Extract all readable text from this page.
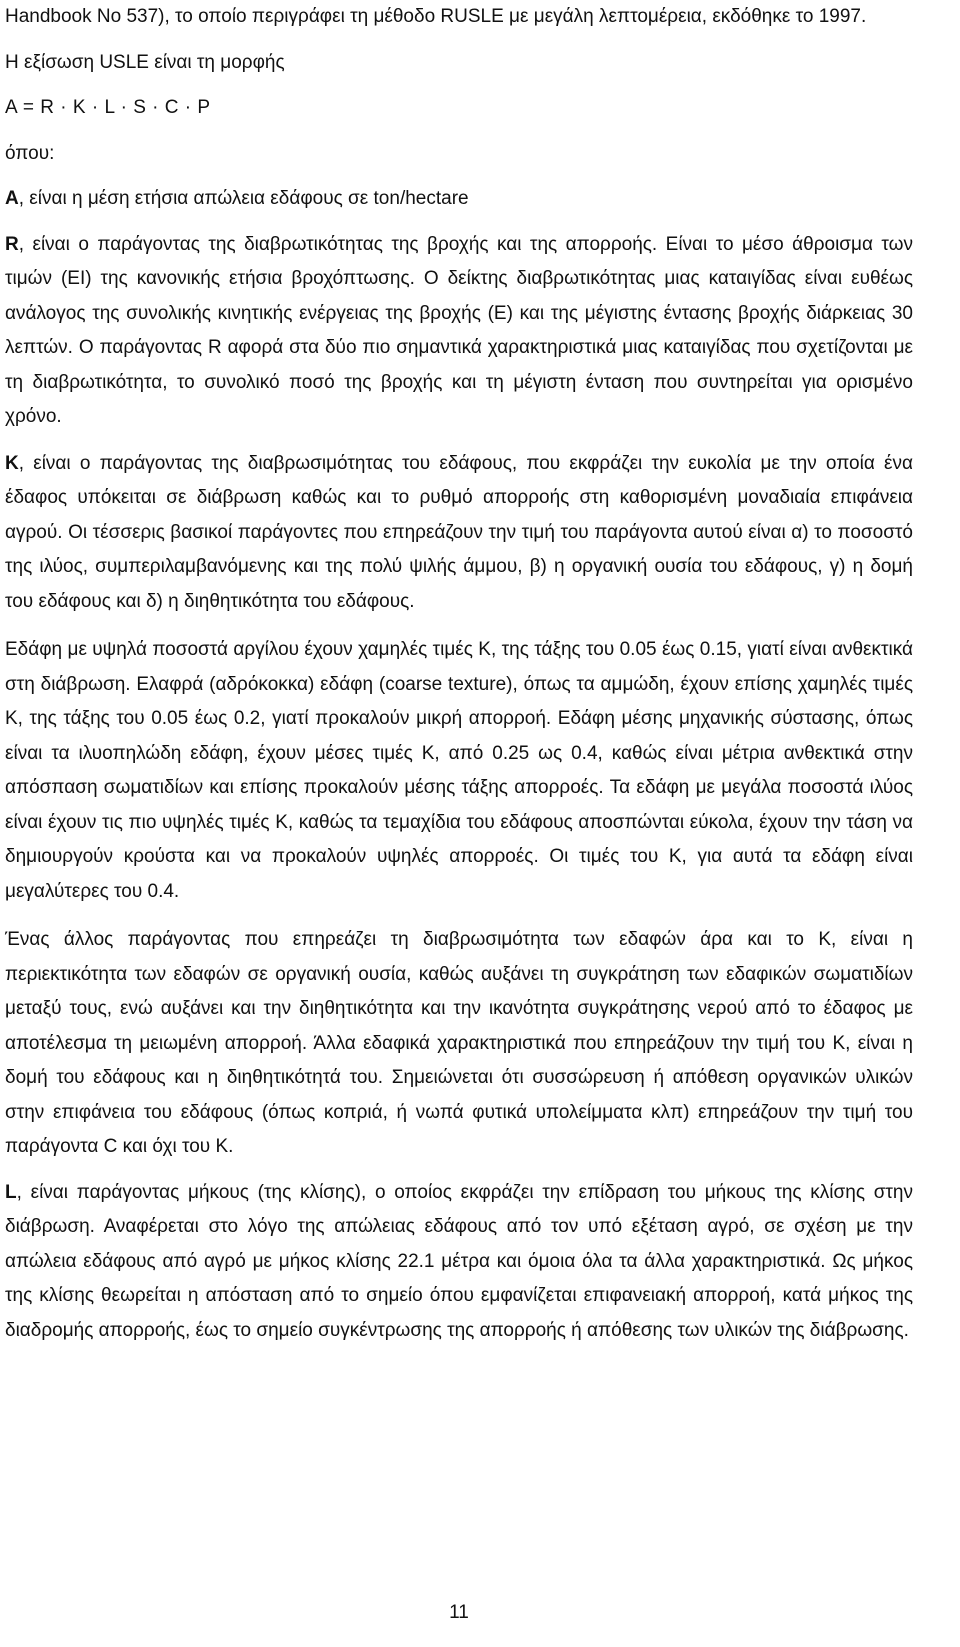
Handbook No 537), το οποίο περιγράφει τη μέθοδο RUSLE με μεγάλη λεπτομέρεια, εκδόθηκε το 1997.

Η εξίσωση USLE είναι τη μορφής

A = R · K · L · S · C · P

όπου:

A, είναι η μέση ετήσια απώλεια εδάφους σε ton/hectare

R, είναι ο παράγοντας της διαβρωτικότητας της βροχής και της απορροής. Είναι το μέσο άθροισμα των τιμών (EI) της κανονικής ετήσια βροχόπτωσης. Ο δείκτης διαβρωτικότητας μιας καταιγίδας είναι ευθέως ανάλογος της συνολικής κινητικής ενέργειας της βροχής (E) και της μέγιστης έντασης βροχής διάρκειας 30 λεπτών. Ο παράγοντας R αφορά στα δύο πιο σημαντικά χαρακτηριστικά μιας καταιγίδας που σχετίζονται με τη διαβρωτικότητα, το συνολικό ποσό της βροχής και τη μέγιστη ένταση που συντηρείται για ορισμένο χρόνο.

K, είναι ο παράγοντας της διαβρωσιμότητας του εδάφους, που εκφράζει την ευκολία με την οποία ένα έδαφος υπόκειται σε διάβρωση καθώς και το ρυθμό απορροής στη καθορισμένη μοναδιαία επιφάνεια αγρού. Οι τέσσερις βασικοί παράγοντες που επηρεάζουν την τιμή του παράγοντα αυτού είναι α) το ποσοστό της ιλύος, συμπεριλαμβανόμενης και της πολύ ψιλής άμμου, β) η οργανική ουσία του εδάφους, γ) η δομή του εδάφους και δ) η διηθητικότητα του εδάφους.

Εδάφη με υψηλά ποσοστά αργίλου έχουν χαμηλές τιμές K, της τάξης του 0.05 έως 0.15, γιατί είναι ανθεκτικά στη διάβρωση. Ελαφρά (αδρόκοκκα) εδάφη (coarse texture), όπως τα αμμώδη, έχουν επίσης χαμηλές τιμές K, της τάξης του 0.05 έως 0.2, γιατί προκαλούν μικρή απορροή. Εδάφη μέσης μηχανικής σύστασης, όπως είναι τα ιλυοπηλώδη εδάφη, έχουν μέσες τιμές K, από 0.25 ως 0.4, καθώς είναι μέτρια ανθεκτικά στην απόσπαση σωματιδίων και επίσης προκαλούν μέσης τάξης απορροές. Τα εδάφη με μεγάλα ποσοστά ιλύος είναι έχουν τις πιο υψηλές τιμές K, καθώς τα τεμαχίδια του εδάφους αποσπώνται εύκολα, έχουν την τάση να δημιουργούν κρούστα και να προκαλούν υψηλές απορροές. Οι τιμές του K, για αυτά τα εδάφη είναι μεγαλύτερες του 0.4.

Ένας άλλος παράγοντας που επηρεάζει τη διαβρωσιμότητα των εδαφών άρα και το K, είναι η περιεκτικότητα των εδαφών σε οργανική ουσία, καθώς αυξάνει τη συγκράτηση των εδαφικών σωματιδίων μεταξύ τους, ενώ αυξάνει και την διηθητικότητα και την ικανότητα συγκράτησης νερού από το έδαφος με αποτέλεσμα τη μειωμένη απορροή. Άλλα εδαφικά χαρακτηριστικά που επηρεάζουν την τιμή του K, είναι η δομή του εδάφους και η διηθητικότητά του. Σημειώνεται ότι συσσώρευση ή απόθεση οργανικών υλικών στην επιφάνεια του εδάφους (όπως κοπριά, ή νωπά φυτικά υπολείμματα κλπ) επηρεάζουν την τιμή του παράγοντα C και όχι του K.

L, είναι παράγοντας μήκους (της κλίσης), ο οποίος εκφράζει την επίδραση του μήκους της κλίσης στην διάβρωση. Αναφέρεται στο λόγο της απώλειας εδάφους από τον υπό εξέταση αγρό, σε σχέση με την απώλεια εδάφους από αγρό με μήκος κλίσης 22.1 μέτρα και όμοια όλα τα άλλα χαρακτηριστικά. Ως μήκος της κλίσης θεωρείται η απόσταση από το σημείο όπου εμφανίζεται επιφανειακή απορροή, κατά μήκος της διαδρομής απορροής, έως το σημείο συγκέντρωσης της απορροής ή απόθεσης των υλικών της διάβρωσης.

11
